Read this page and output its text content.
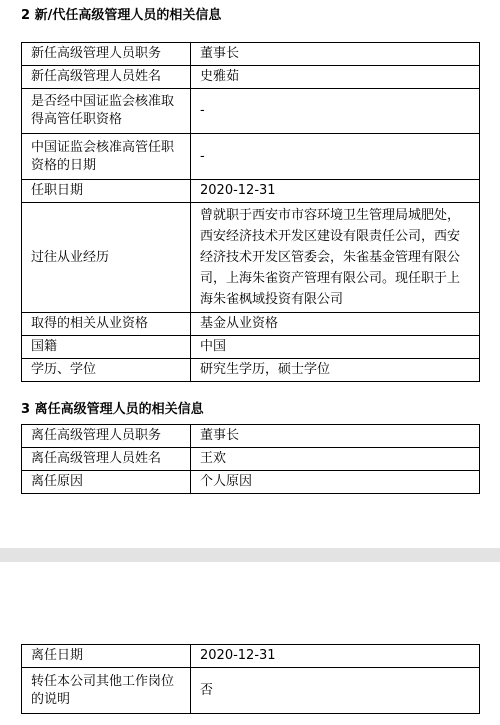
2 新/代任高级管理人员的相关信息
新任高级管理人员职务	董事长
新任高级管理人员姓名	史雅茹
是否经中国证监会核准取得高管任职资格	-
中国证监会核准高管任职资格的日期	-
任职日期	2020-12-31
过往从业经历	曾就职于西安市市容环境卫生管理局城肥处，西安经济技术开发区建设有限责任公司，西安经济技术开发区管委会，朱雀基金管理有限公司，上海朱雀资产管理有限公司。现任职于上海朱雀枫域投资有限公司
取得的相关从业资格	基金从业资格
国籍	中国
学历、学位	研究生学历，硕士学位
3 离任高级管理人员的相关信息
离任高级管理人员职务	董事长
离任高级管理人员姓名	王欢
离任原因	个人原因
离任日期	2020-12-31
转任本公司其他工作岗位的说明	否
